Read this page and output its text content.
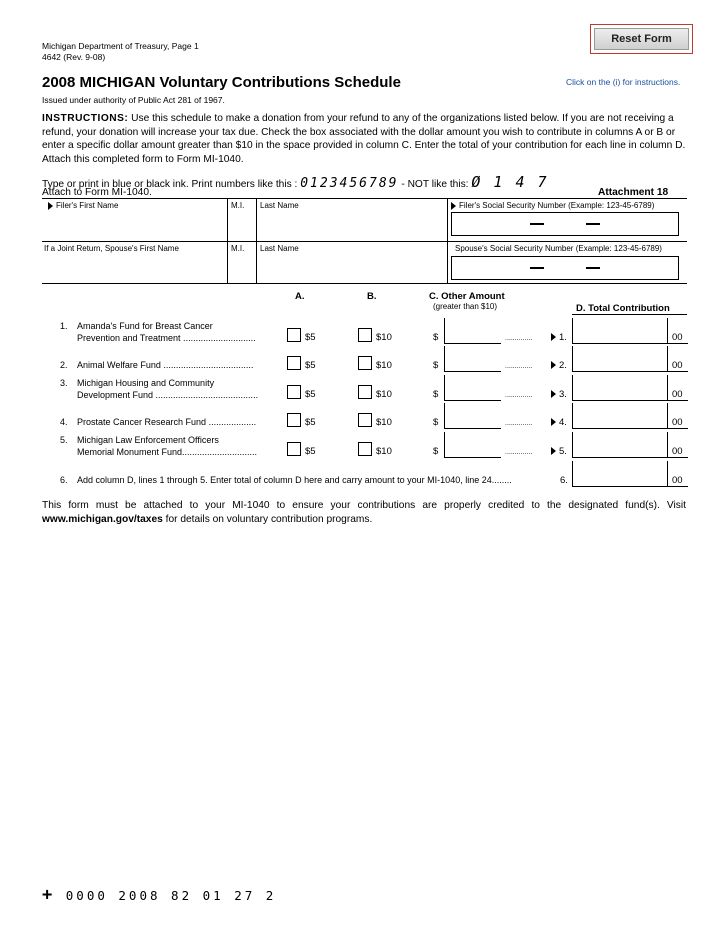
Reset Form
Michigan Department of Treasury, Page 1
4642 (Rev. 9-08)
2008 MICHIGAN Voluntary Contributions Schedule	Click on the (i) for instructions.
Issued under authority of Public Act 281 of 1967.
INSTRUCTIONS: Use this schedule to make a donation from your refund to any of the organizations listed below. If you are not receiving a refund, your donation will increase your tax due. Check the box associated with the dollar amount you wish to contribute in columns A or B or enter a specific dollar amount greater than $10 in the space provided in column C. Enter the total of your contribution for each line in column D. Attach this completed form to Form MI-1040.
Type or print in blue or black ink. Print numbers like this : 0123456789 - NOT like this: Ø 1 4 7
Attach to Form MI-1040.	Attachment 18
Filer's First Name	M.I. Last Name	Filer's Social Security Number (Example: 123-45-6789)
If a Joint Return, Spouse's First Name	M.I. Last Name	Spouse's Social Security Number (Example: 123-45-6789)
A.	B.	C. Other Amount
(greater than $10)	D. Total Contribution
1. Amanda's Fund for Breast Cancer
Prevention and Treatment .............................	$5	$10	$	..............	1.	00
2. Animal Welfare Fund ....................................	$5	$10	$	..............	2.	00
3. Michigan Housing and Community
Development Fund .........................................	$5	$10	$	..............	3.	00
4. Prostate Cancer Research Fund ...................	$5	$10	$	..............	4.	00
5. Michigan Law Enforcement Officers
Memorial Monument Fund..............................	$5	$10	$	..............	5.	00
6. Add column D, lines 1 through 5. Enter total of column D here and carry amount to your MI-1040, line 24........	6.	00
This form must be attached to your MI-1040 to ensure your contributions are properly credited to the designated fund(s). Visit www.michigan.gov/taxes for details on voluntary contribution programs.
+ 0000 2008 82 01 27 2
